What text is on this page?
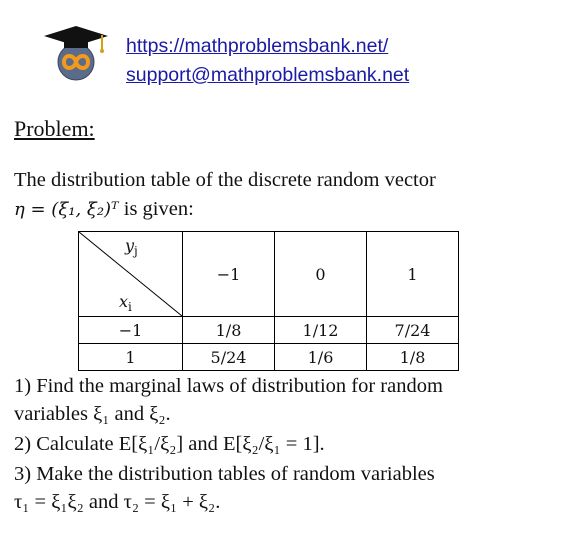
https://mathproblemsbank.net/
support@mathproblemsbank.net
Problem:
The distribution table of the discrete random vector
η = (ξ₁, ξ₂)ᵀ is given:
$y_j$
$x_i$	−1	0	1
−1	1/8	1/12	7/24
1	5/24	1/6	1/8
1) Find the marginal laws of distribution for random
variables ξ₁ and ξ₂.
2) Calculate E[ξ₁/ξ₂] and E[ξ₂/ξ₁ = 1].
3) Make the distribution tables of random variables
τ₁ = ξ₁ξ₂ and τ₂ = ξ₁ + ξ₂.
